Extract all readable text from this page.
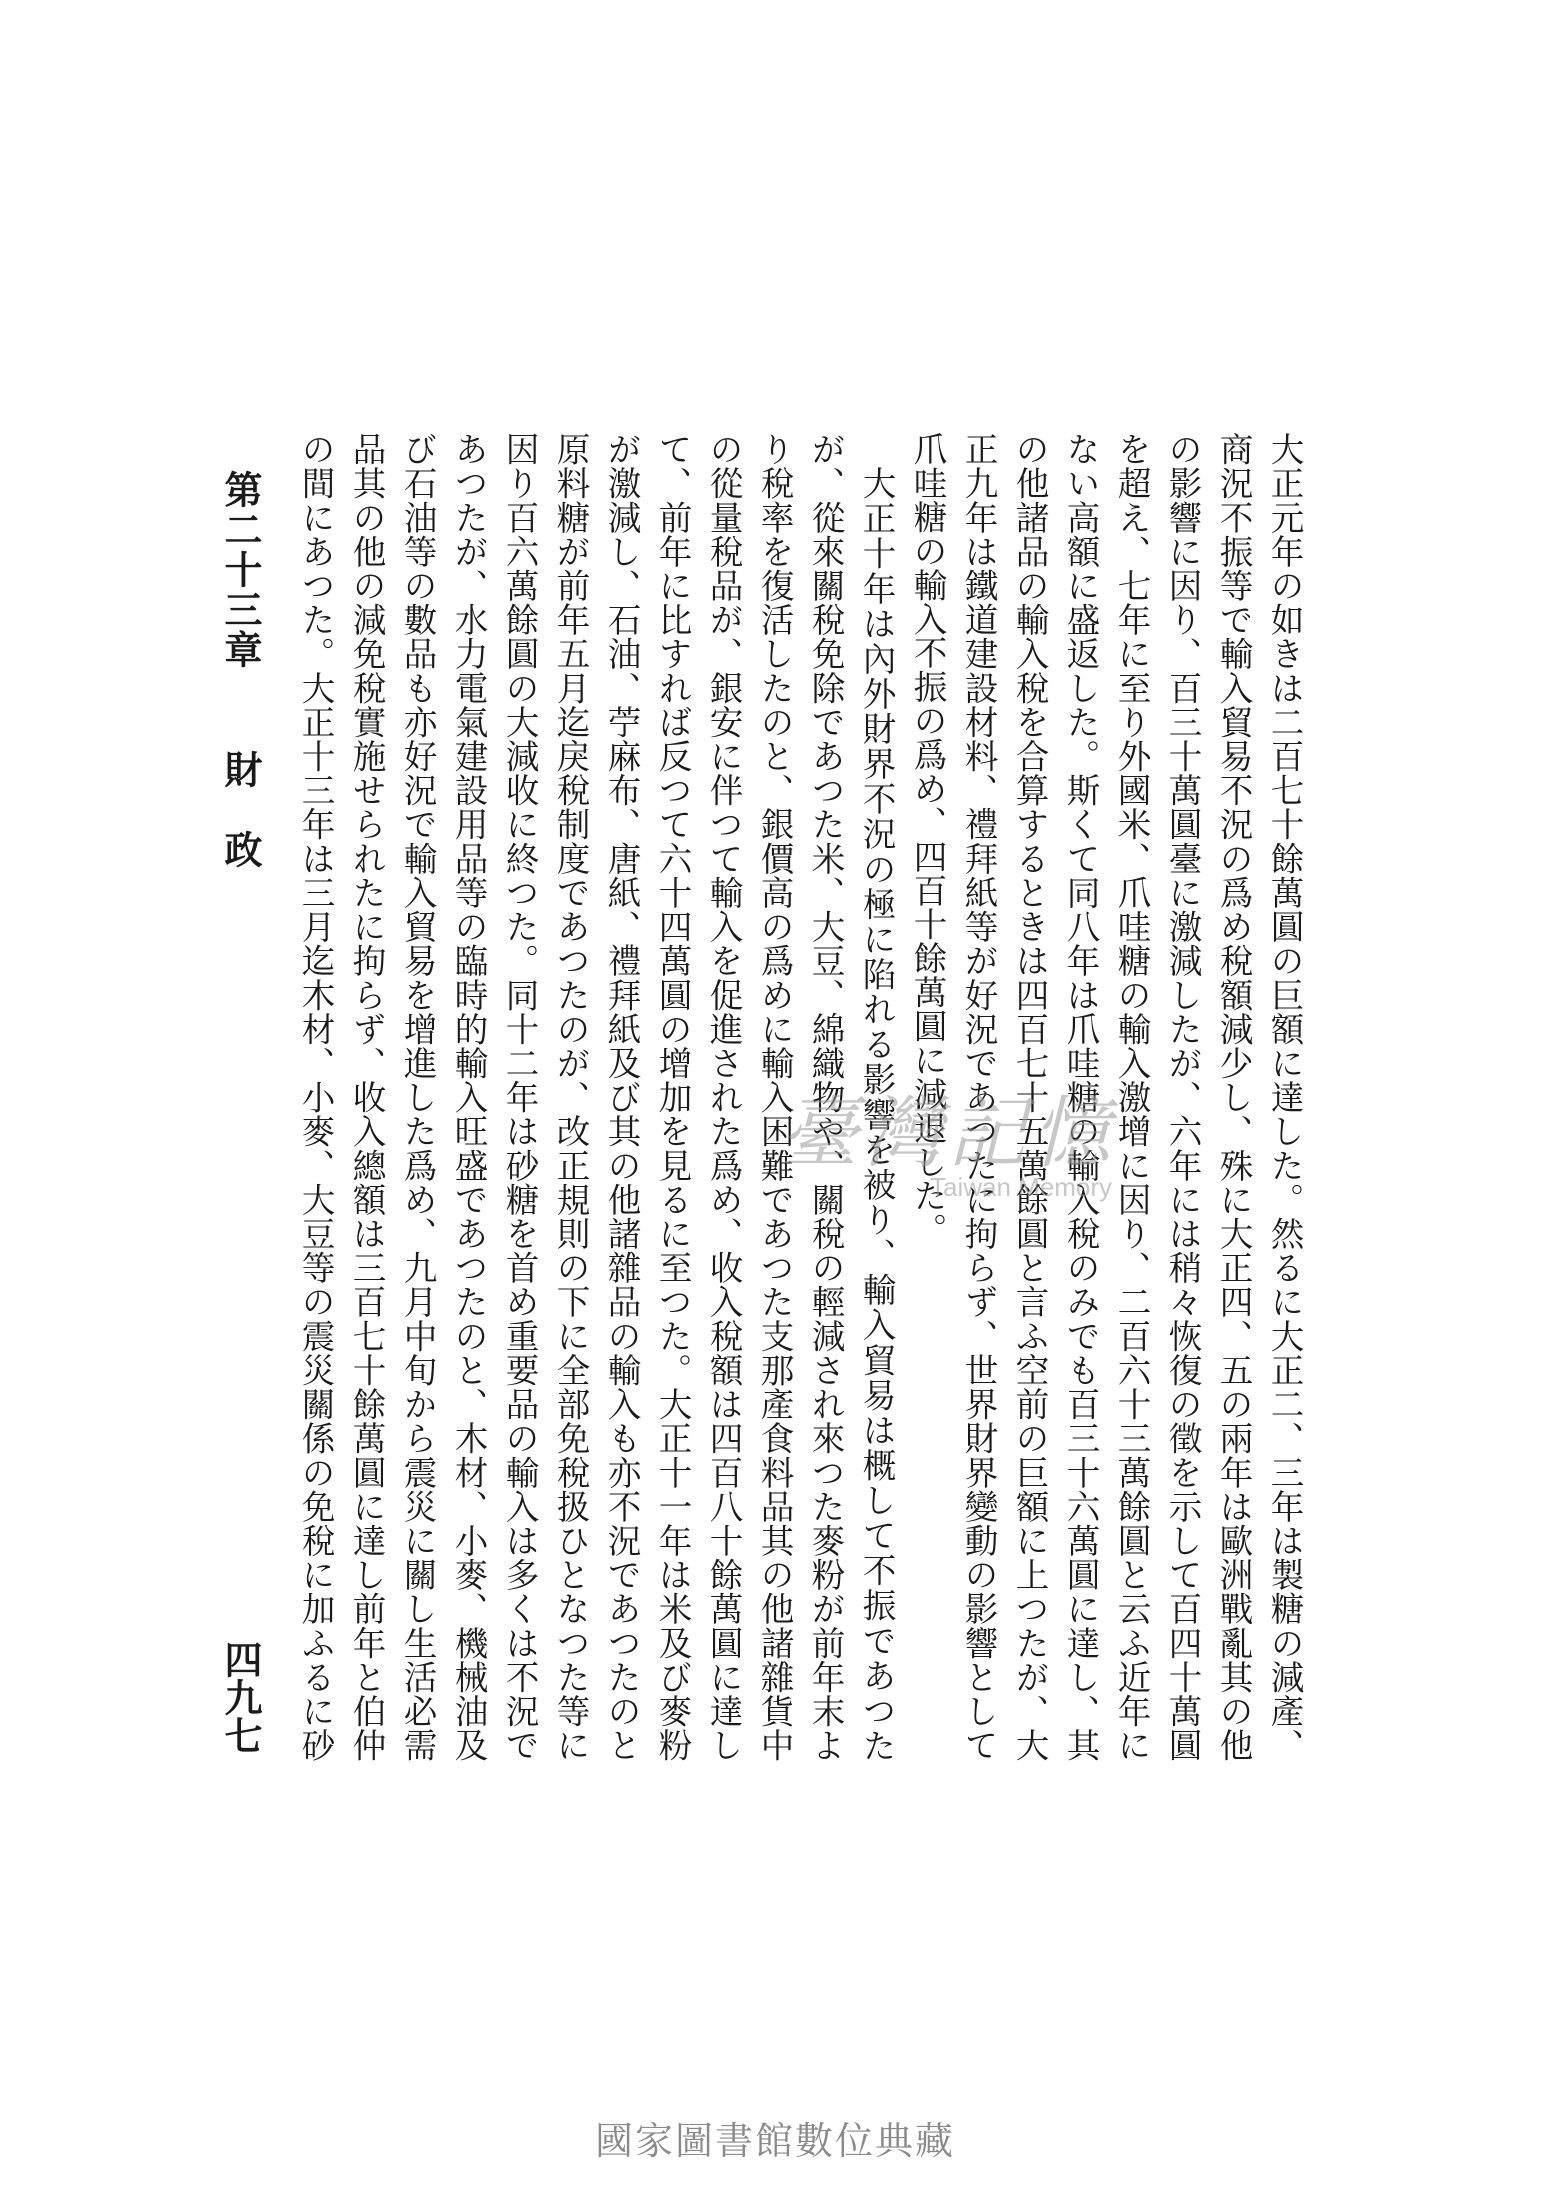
第二十三章
財政
四九七	大正元年の如きは二百七十餘萬圓の巨額に達した。然るに大正二、三年は製糖の減產、商況不振等で輸入貿易不況の爲め稅額減少し、殊に大正四、五の兩年は歐洲戰亂其の他の影響に因り、百三十萬圓臺に激減したが、六年には稍々恢復の徵を示して百四十萬圓を超え、七年に至り外國米、爪哇糖の輸入激增に因り、二百六十三萬餘圓と云ふ近年にない高額に盛返した。斯くて同八年は爪哇糖の輸入稅のみでも百三十六萬圓に達し、其の他諸品の輸入稅を合算するときは四百七十五萬餘圓と言ふ空前の巨額に上つたが、大正九年は鐵道建設材料、禮拜紙等が好況であつたに拘らず、世界財界變動の影響として爪哇糖の輸入不振の爲め、四百十餘萬圓に減退した。

大正十年は內外財界不況の極に陷れる影響を被り、輸入貿易は概して不振であつたが、從來關稅免除であつた米、大豆、綿織物や、關稅の輕減され來つた麥粉が前年末より稅率を復活したのと、銀價高の爲めに輸入困難であつた支那產食料品其の他諸雜貨中の從量稅品が、銀安に伴つて輸入を促進された爲め、收入稅額は四百八十餘萬圓に達して、前年に比すれば反つて六十四萬圓の增加を見るに至つた。大正十一年は米及び麥粉が激減し、石油、苧麻布、唐紙、禮拜紙及び其の他諸雜品の輸入も亦不況であつたのと原料糖が前年五月迄戾稅制度であつたのが、改正規則の下に全部免稅扱ひとなつた等に因り百六萬餘圓の大減收に終つた。同十二年は砂糖を首め重要品の輸入は多くは不況であつたが、水力電氣建設用品等の臨時的輸入旺盛であつたのと、木材、小麥、機械油及び石油等の數品も亦好況で輸入貿易を增進した爲め、九月中旬から震災に關し生活必需品其の他の減免稅實施せられたに拘らず、收入總額は三百七十餘萬圓に達し前年と伯仲の間にあつた。大正十三年は三月迄木材、小麥、大豆等の震災關係の免稅に加ふるに砂

臺灣記憶
Taiwan Memory
國家圖書館數位典藏
